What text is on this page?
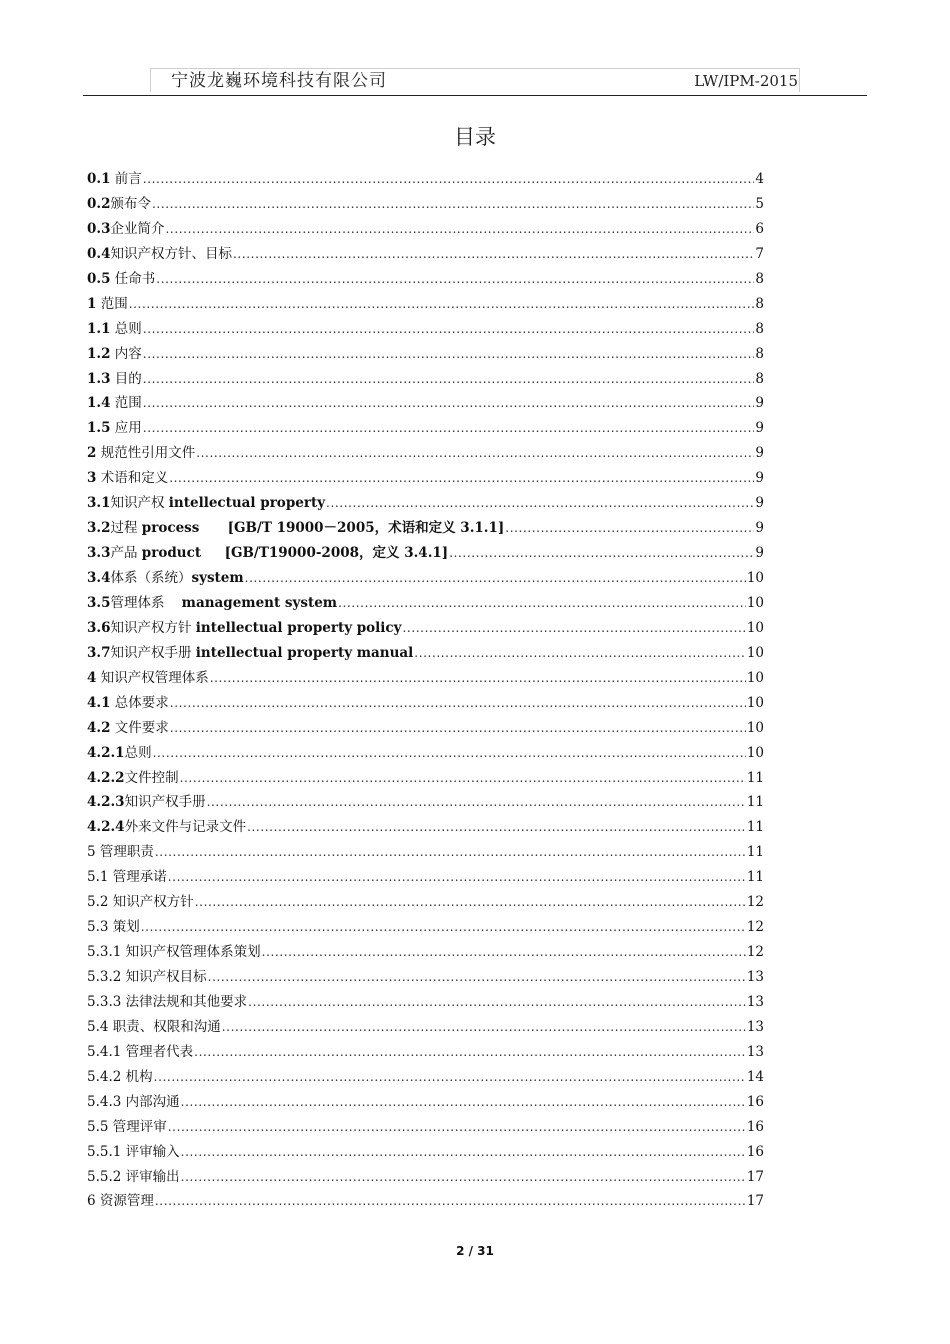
宁波龙巍环境科技有限公司	LW/IPM-2015
目录
0.1 前言 .....	4
0.2颁布令 .....	5
0.3企业简介 .....	6
0.4知识产权方针、目标 .....	7
0.5 任命书 .....	8
1 范围 .....	8
1.1 总则 .....	8
1.2 内容 .....	8
1.3 目的 .....	8
1.4 范围 .....	9
1.5 应用 .....	9
2 规范性引用文件 .....	9
3 术语和定义 .....	9
3.1知识产权 intellectual property .....	9
3.2过程 process      [GB/T 19000－2005，术语和定义 3.1.1] .....	9
3.3产品 product     [GB/T19000-2008，定义 3.4.1] .....	9
3.4体系（系统）system .....	10
3.5管理体系    management system .....	10
3.6知识产权方针 intellectual property policy .....	10
3.7知识产权手册 intellectual property manual .....	10
4 知识产权管理体系 .....	10
4.1 总体要求 .....	10
4.2 文件要求 .....	10
4.2.1总则 .....	10
4.2.2文件控制 .....	11
4.2.3知识产权手册 .....	11
4.2.4外来文件与记录文件 .....	11
5 管理职责 .....	11
5.1 管理承诺 .....	11
5.2 知识产权方针 .....	12
5.3 策划 .....	12
5.3.1 知识产权管理体系策划 .....	12
5.3.2 知识产权目标 .....	13
5.3.3 法律法规和其他要求 .....	13
5.4 职责、权限和沟通 .....	13
5.4.1 管理者代表 .....	13
5.4.2 机构 .....	14
5.4.3 内部沟通 .....	16
5.5 管理评审 .....	16
5.5.1 评审输入 .....	16
5.5.2 评审输出 .....	17
6 资源管理 .....	17
2 / 31
